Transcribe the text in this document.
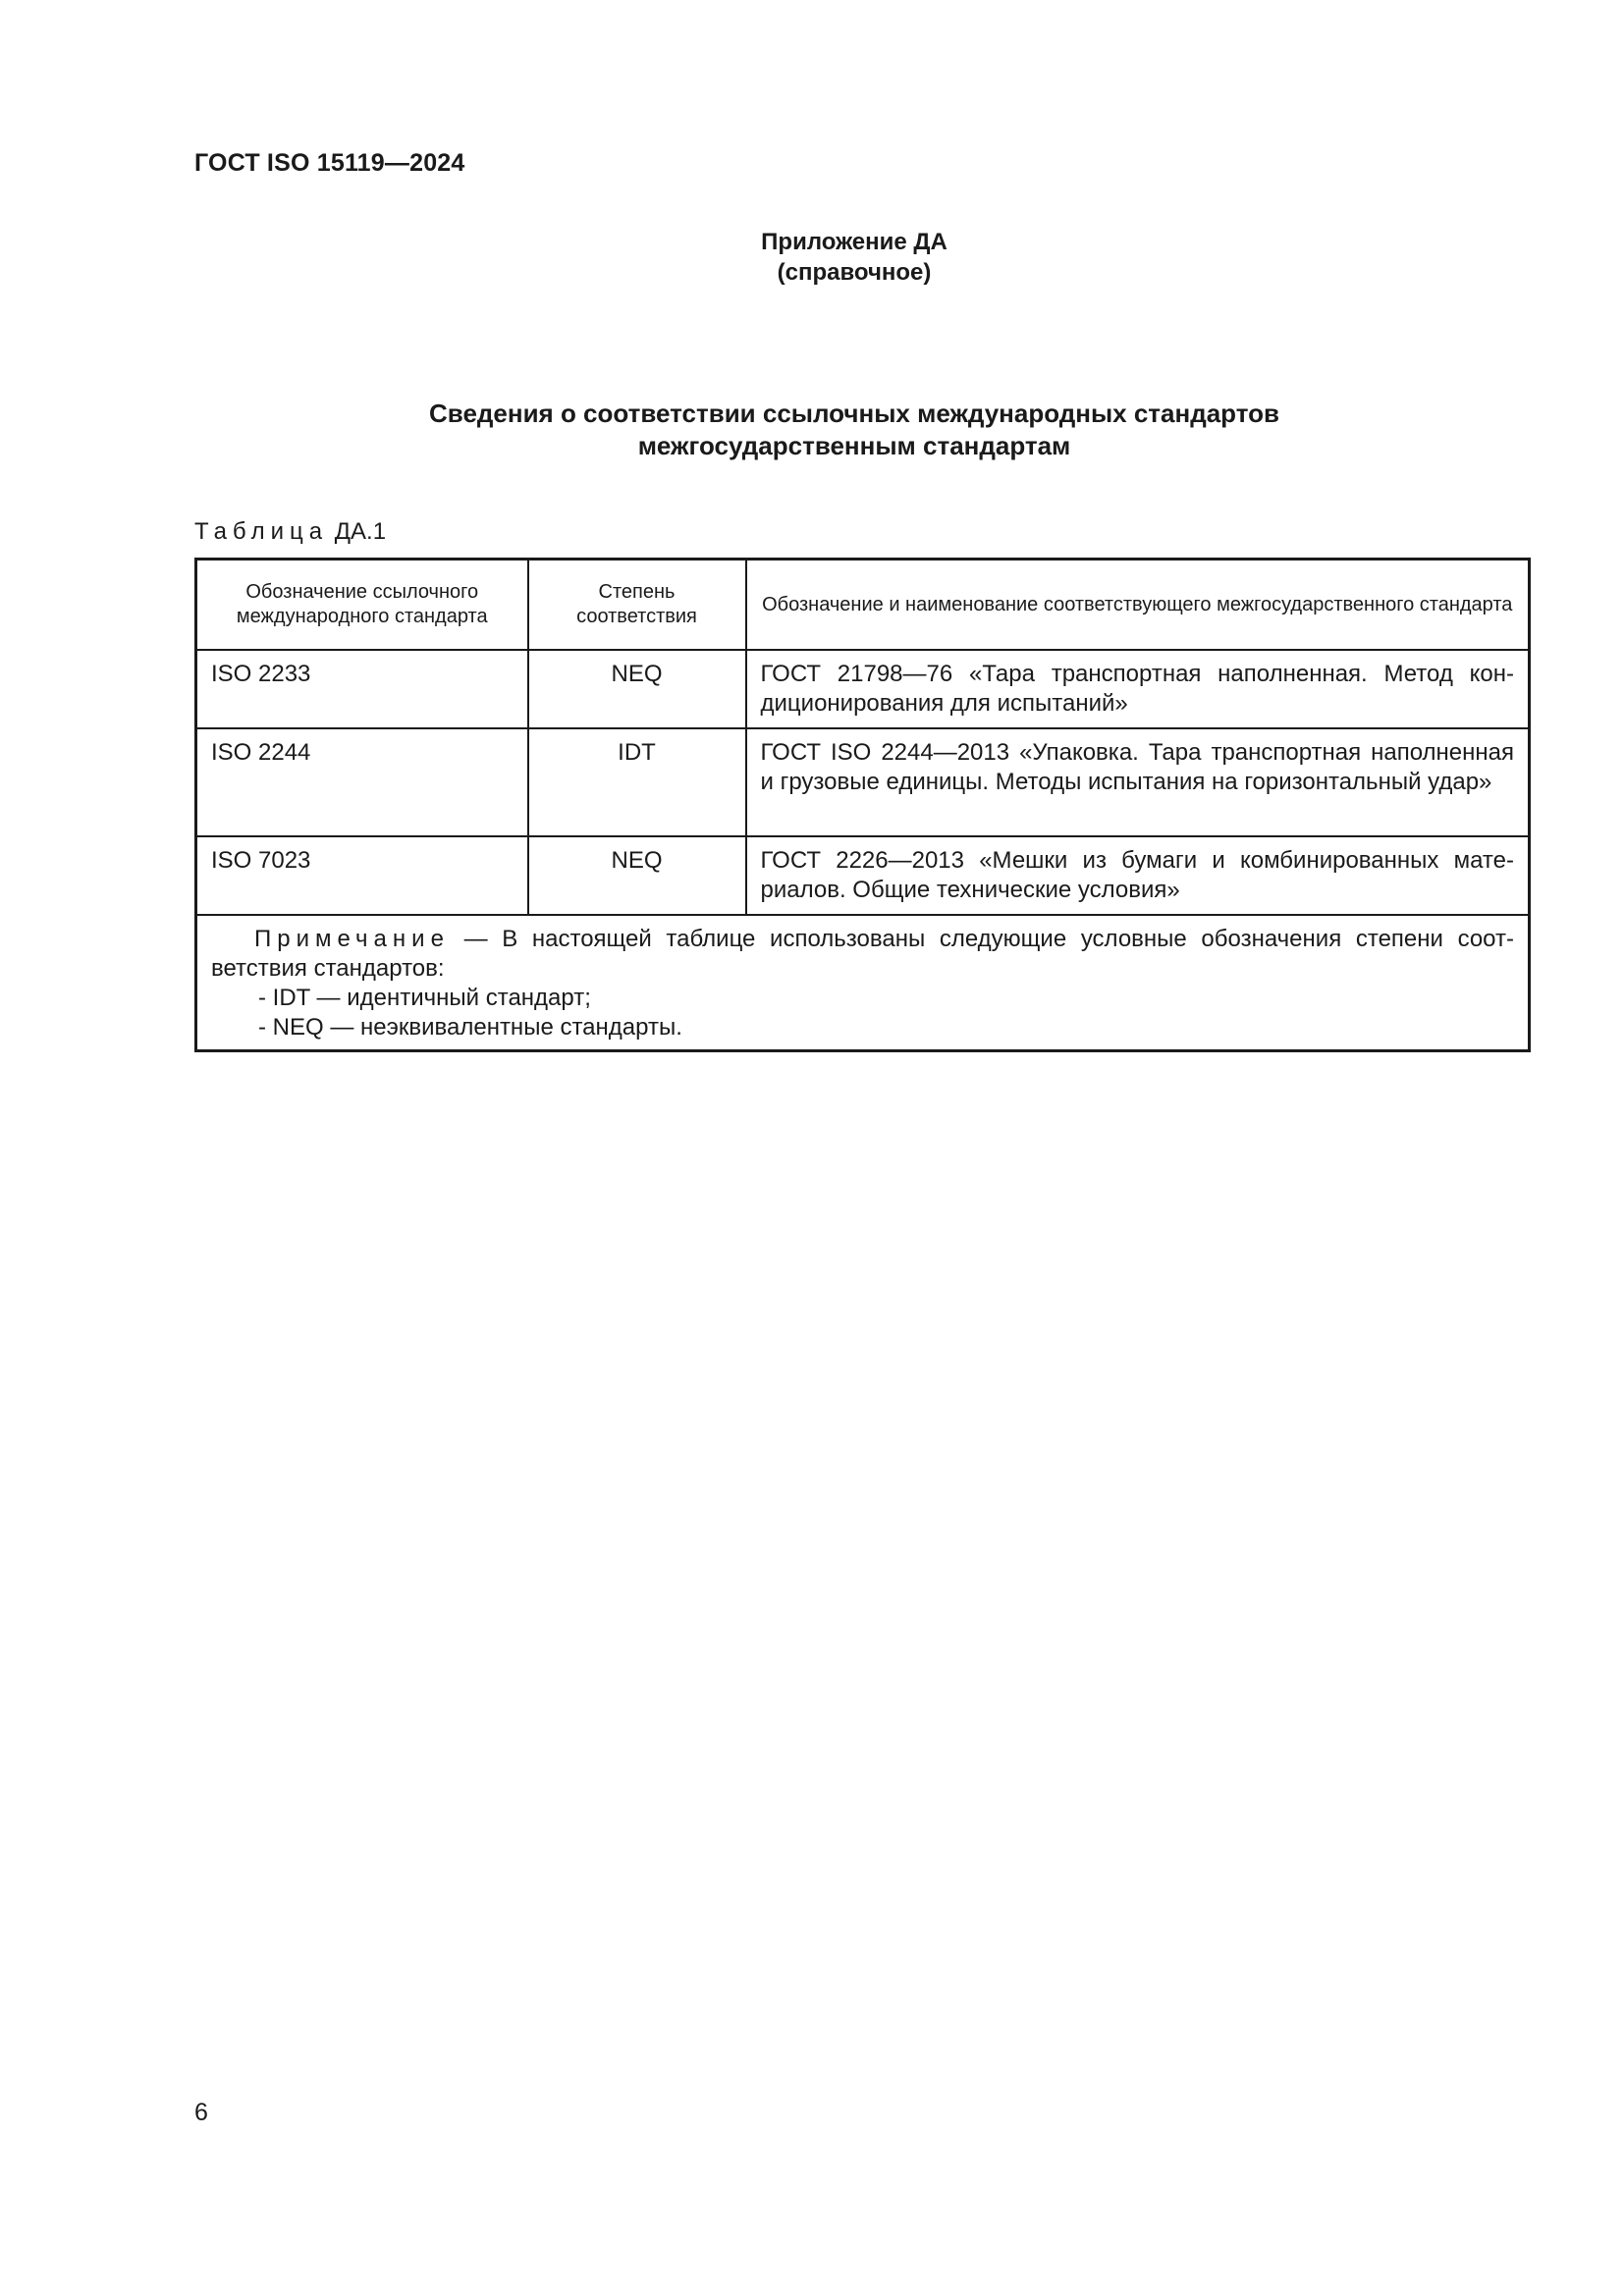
ГОСТ ISO 15119—2024
Приложение ДА
(справочное)
Сведения о соответствии ссылочных международных стандартов
межгосударственным стандартам
Таблица ДА.1
Обозначение ссылочного международного стандарта	Степень соответствия	Обозначение и наименование соответствующего межгосударственного стандарта
ISO 2233	NEQ	ГОСТ 21798—76 «Тара транспортная наполненная. Метод кондиционирования для испытаний»
ISO 2244	IDT	ГОСТ ISO 2244—2013 «Упаковка. Тара транспортная наполненная и грузовые единицы. Методы испытания на горизонтальный удар»
ISO 7023	NEQ	ГОСТ 2226—2013 «Мешки из бумаги и комбинированных материалов. Общие технические условия»

Примечание — В настоящей таблице использованы следующие условные обозначения степени соответствия стандартов:
- IDT — идентичный стандарт;
- NEQ — неэквивалентные стандарты.		
6
